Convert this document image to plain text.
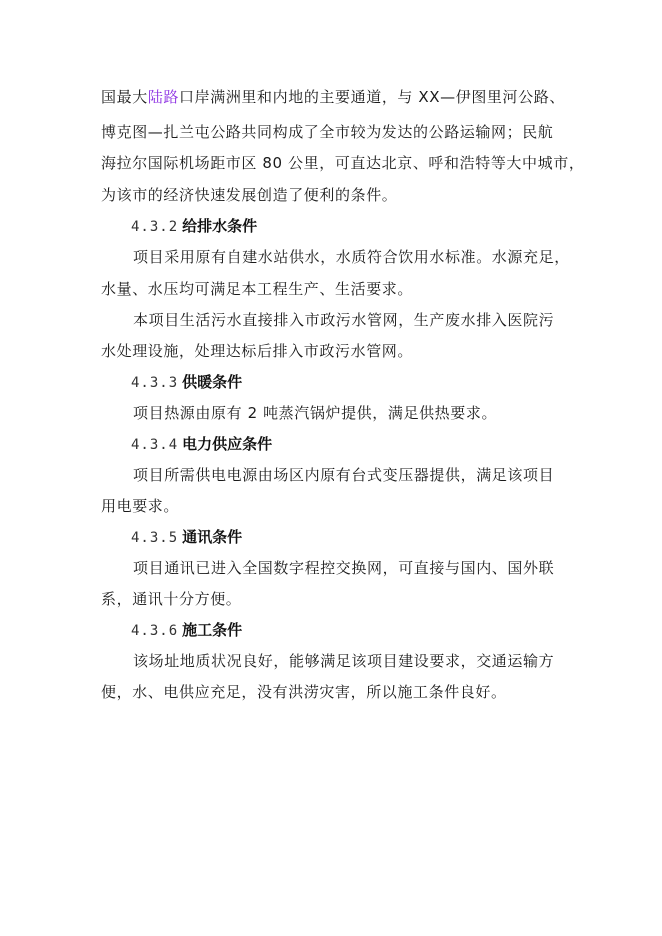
国最大陆路口岸满洲里和内地的主要通道，与 XX—伊图里河公路、
博克图—扎兰屯公路共同构成了全市较为发达的公路运输网；民航
海拉尔国际机场距市区 80 公里，可直达北京、呼和浩特等大中城市，
为该市的经济快速发展创造了便利的条件。
4.3.2 给排水条件
项目采用原有自建水站供水，水质符合饮用水标准。水源充足，
水量、水压均可满足本工程生产、生活要求。
本项目生活污水直接排入市政污水管网，生产废水排入医院污
水处理设施，处理达标后排入市政污水管网。
4.3.3 供暖条件
项目热源由原有 2 吨蒸汽锅炉提供，满足供热要求。
4.3.4 电力供应条件
项目所需供电电源由场区内原有台式变压器提供，满足该项目
用电要求。
4.3.5 通讯条件
项目通讯已进入全国数字程控交换网，可直接与国内、国外联
系，通讯十分方便。
4.3.6 施工条件
该场址地质状况良好，能够满足该项目建设要求，交通运输方
便，水、电供应充足，没有洪涝灾害，所以施工条件良好。
